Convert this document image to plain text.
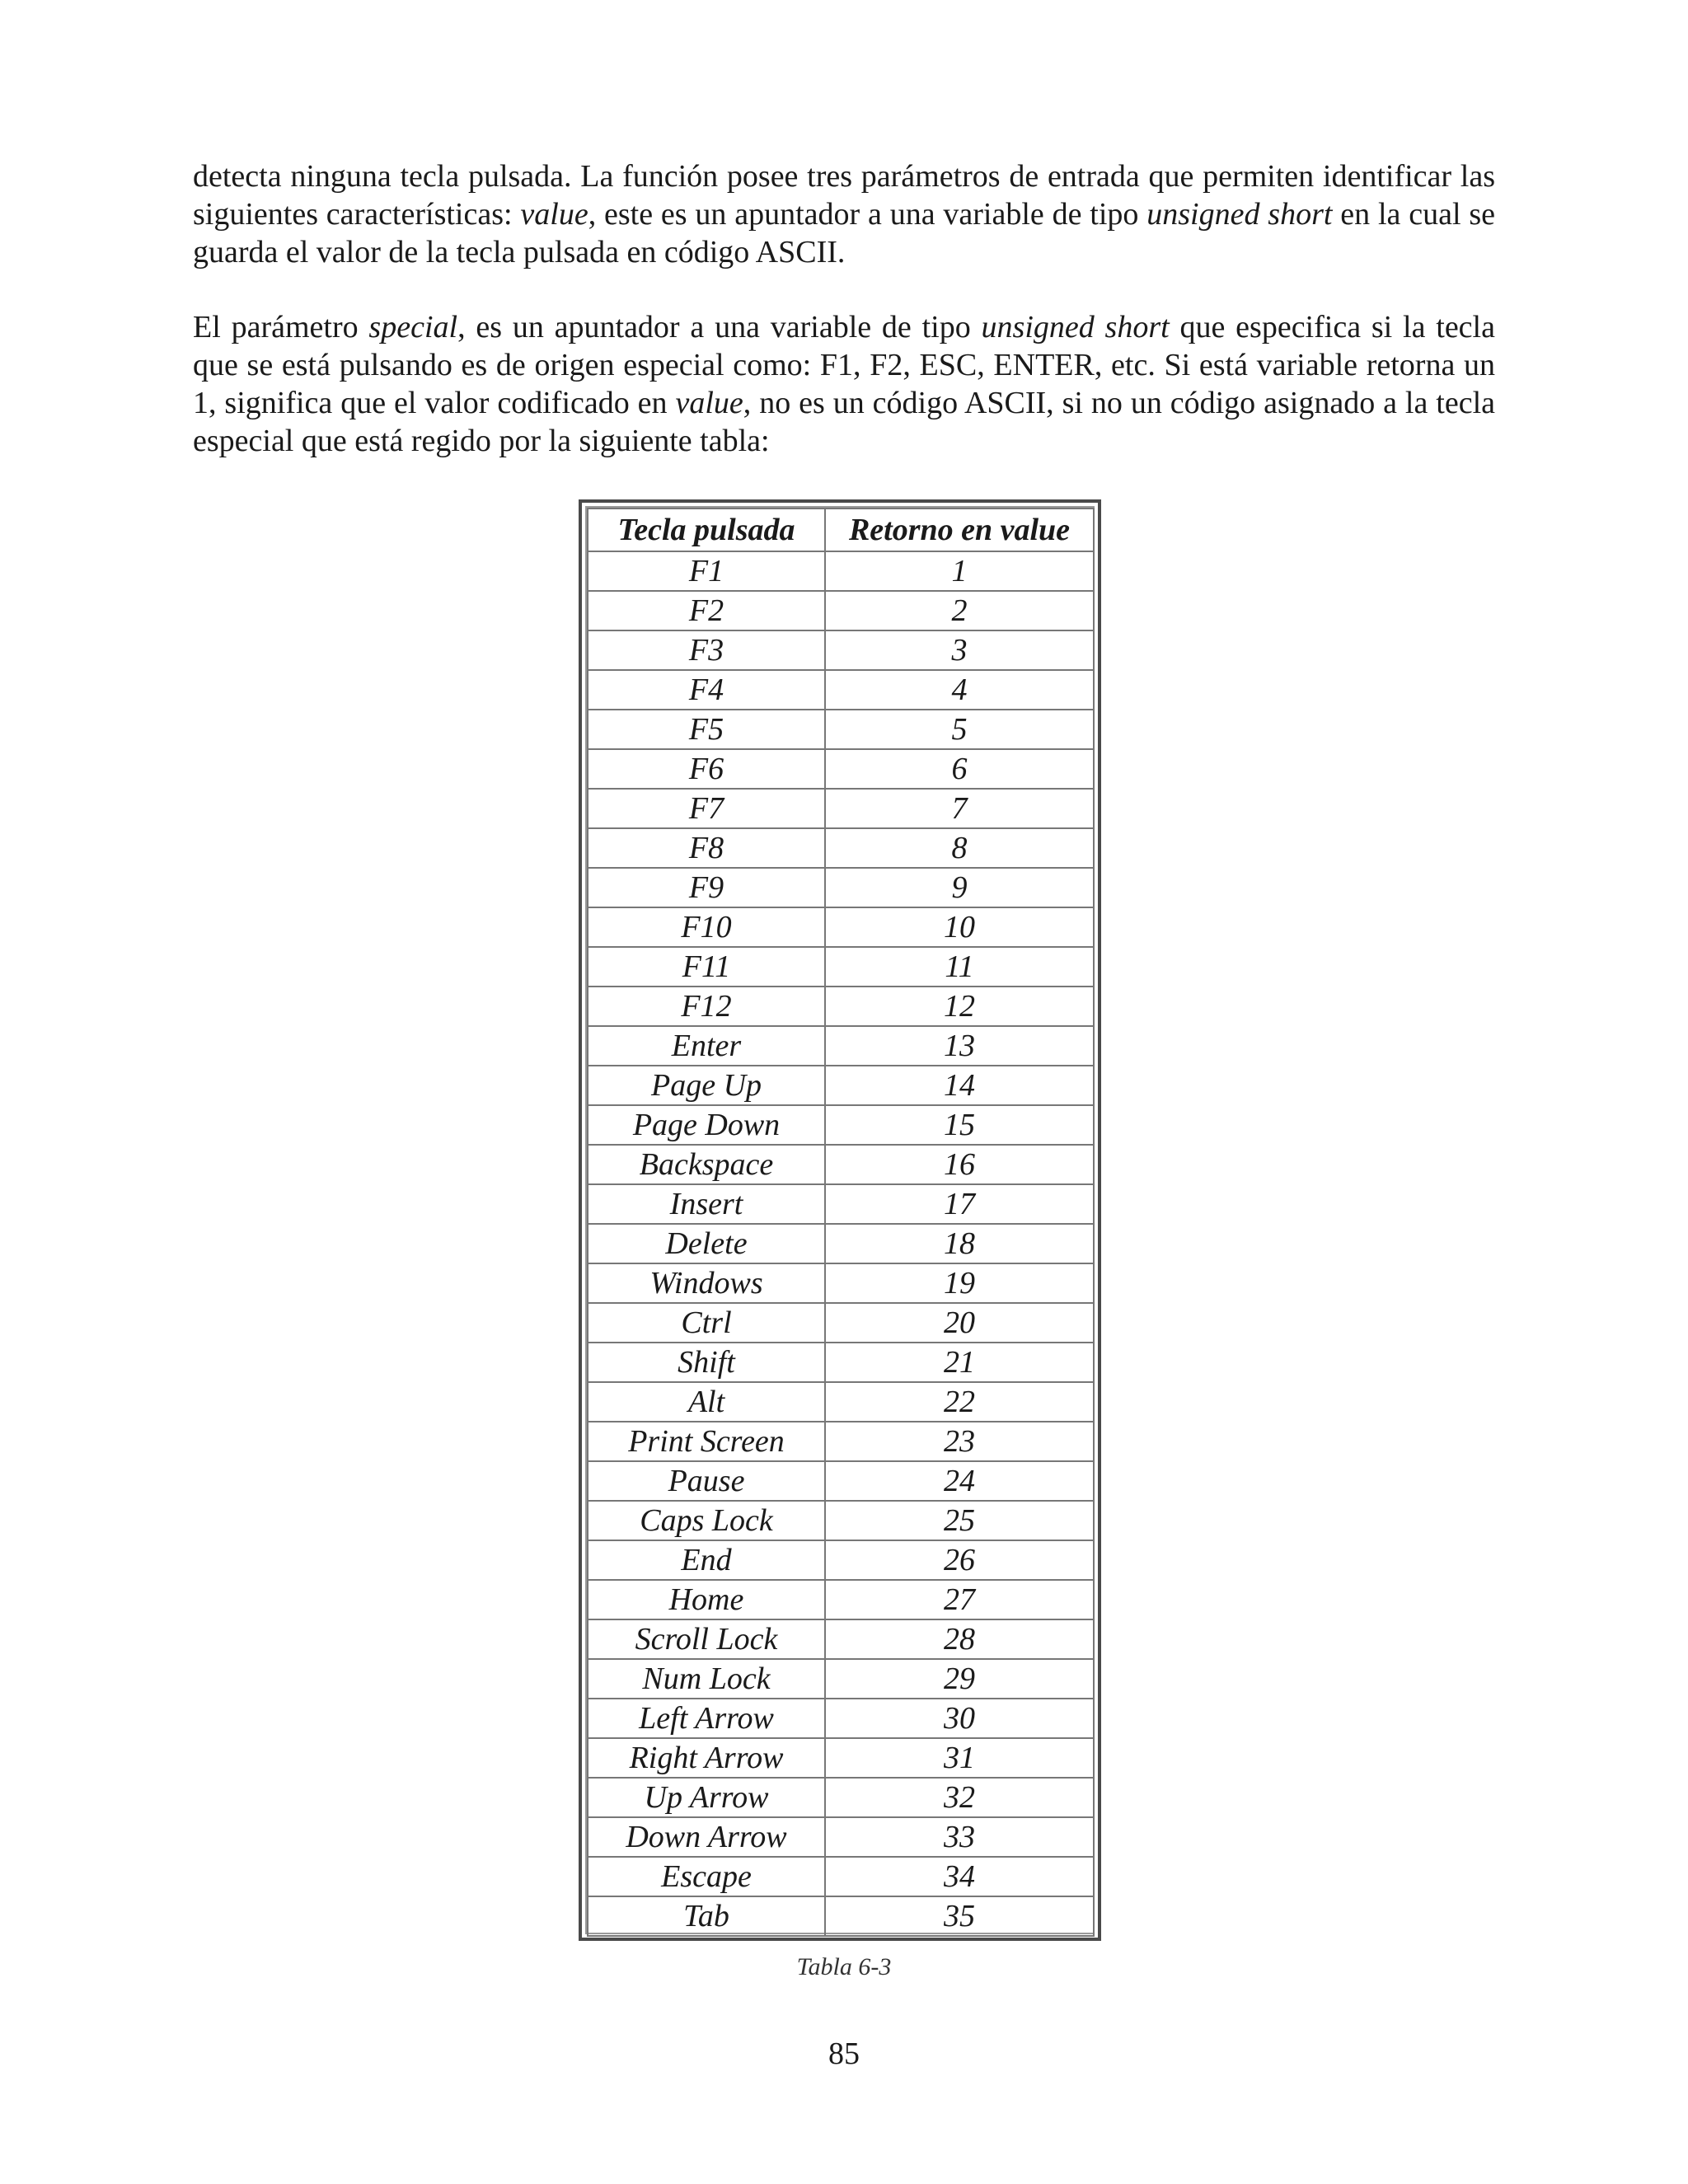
detecta ninguna tecla pulsada. La función posee tres parámetros de entrada que permiten identificar las siguientes características: value, este es un apuntador a una variable de tipo unsigned short en la cual se guarda el valor de la tecla pulsada en código ASCII.

El parámetro special, es un apuntador a una variable de tipo unsigned short que especifica si la tecla que se está pulsando es de origen especial como: F1, F2, ESC, ENTER, etc. Si está variable retorna un 1, significa que el valor codificado en value, no es un código ASCII, si no un código asignado a la tecla especial que está regido por la siguiente tabla:

Tecla pulsada	Retorno en value
F1	1
F2	2
F3	3
F4	4
F5	5
F6	6
F7	7
F8	8
F9	9
F10	10
F11	11
F12	12
Enter	13
Page Up	14
Page Down	15
Backspace	16
Insert	17
Delete	18
Windows	19
Ctrl	20
Shift	21
Alt	22
Print Screen	23
Pause	24
Caps Lock	25
End	26
Home	27
Scroll Lock	28
Num Lock	29
Left Arrow	30
Right Arrow	31
Up Arrow	32
Down Arrow	33
Escape	34
Tab	35
Tabla 6-3
85
